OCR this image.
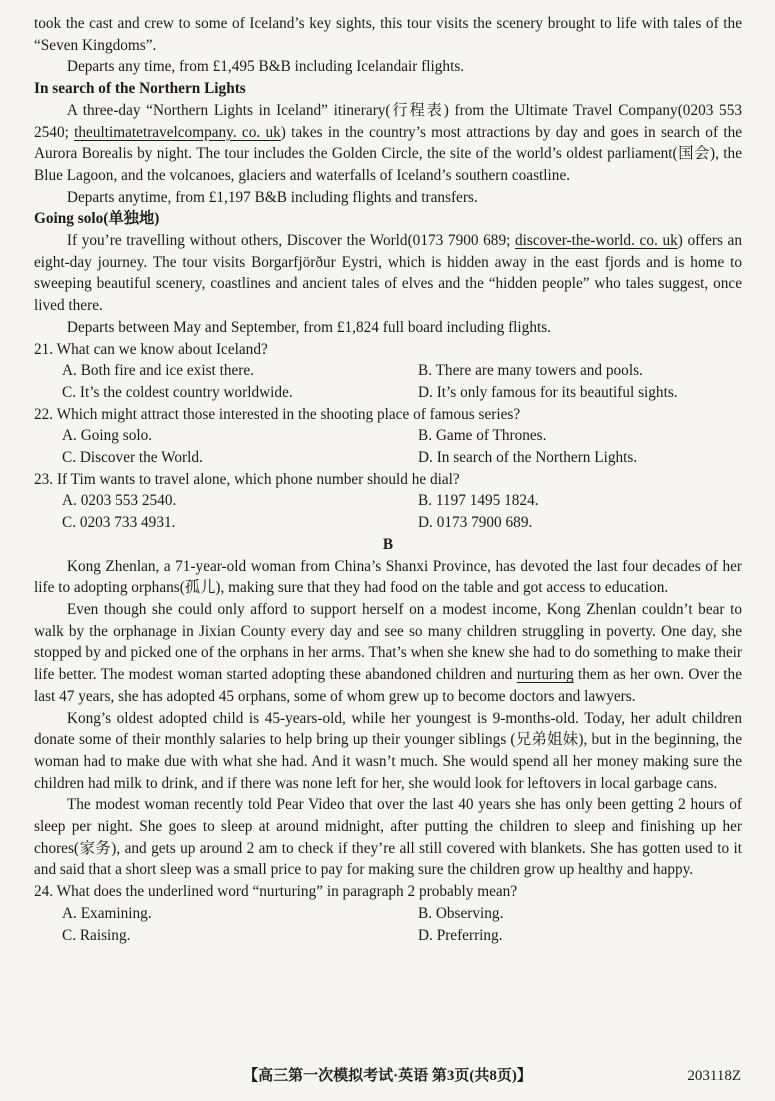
took the cast and crew to some of Iceland’s key sights, this tour visits the scenery brought to life with tales of the “Seven Kingdoms”.
Departs any time, from £1,495 B&B including Icelandair flights.
In search of the Northern Lights
A three-day “Northern Lights in Iceland” itinerary(行程表) from the Ultimate Travel Company(0203 553 2540; theultimatetravelcompany. co. uk) takes in the country’s most attractions by day and goes in search of the Aurora Borealis by night. The tour includes the Golden Circle, the site of the world’s oldest parliament(国会), the Blue Lagoon, and the volcanoes, glaciers and waterfalls of Iceland’s southern coastline.
Departs anytime, from £1,197 B&B including flights and transfers.
Going solo(单独地)
If you’re travelling without others, Discover the World(0173 7900 689; discover-the-world. co. uk) offers an eight-day journey. The tour visits Borgarfjörður Eystri, which is hidden away in the east fjords and is home to sweeping beautiful scenery, coastlines and ancient tales of elves and the “hidden people” who tales suggest, once lived there.
Departs between May and September, from £1,824 full board including flights.
21. What can we know about Iceland?
A. Both fire and ice exist there.	B. There are many towers and pools.
C. It’s the coldest country worldwide.	D. It’s only famous for its beautiful sights.
22. Which might attract those interested in the shooting place of famous series?
A. Going solo.	B. Game of Thrones.
C. Discover the World.	D. In search of the Northern Lights.
23. If Tim wants to travel alone, which phone number should he dial?
A. 0203 553 2540.	B. 1197 1495 1824.
C. 0203 733 4931.	D. 0173 7900 689.
B
Kong Zhenlan, a 71-year-old woman from China’s Shanxi Province, has devoted the last four decades of her life to adopting orphans(孤儿), making sure that they had food on the table and got access to education.
Even though she could only afford to support herself on a modest income, Kong Zhenlan couldn’t bear to walk by the orphanage in Jixian County every day and see so many children struggling in poverty. One day, she stopped by and picked one of the orphans in her arms. That’s when she knew she had to do something to make their life better. The modest woman started adopting these abandoned children and nurturing them as her own. Over the last 47 years, she has adopted 45 orphans, some of whom grew up to become doctors and lawyers.
Kong’s oldest adopted child is 45-years-old, while her youngest is 9-months-old. Today, her adult children donate some of their monthly salaries to help bring up their younger siblings (兄弟姐妹), but in the beginning, the woman had to make due with what she had. And it wasn’t much. She would spend all her money making sure the children had milk to drink, and if there was none left for her, she would look for leftovers in local garbage cans.
The modest woman recently told Pear Video that over the last 40 years she has only been getting 2 hours of sleep per night. She goes to sleep at around midnight, after putting the children to sleep and finishing up her chores(家务), and gets up around 2 am to check if they’re all still covered with blankets. She has gotten used to it and said that a short sleep was a small price to pay for making sure the children grow up healthy and happy.
24. What does the underlined word “nurturing” in paragraph 2 probably mean?
A. Examining.	B. Observing.
C. Raising.	D. Preferring.
【高三第一次模拟考试·英语 第3页(共8页)】	203118Z
